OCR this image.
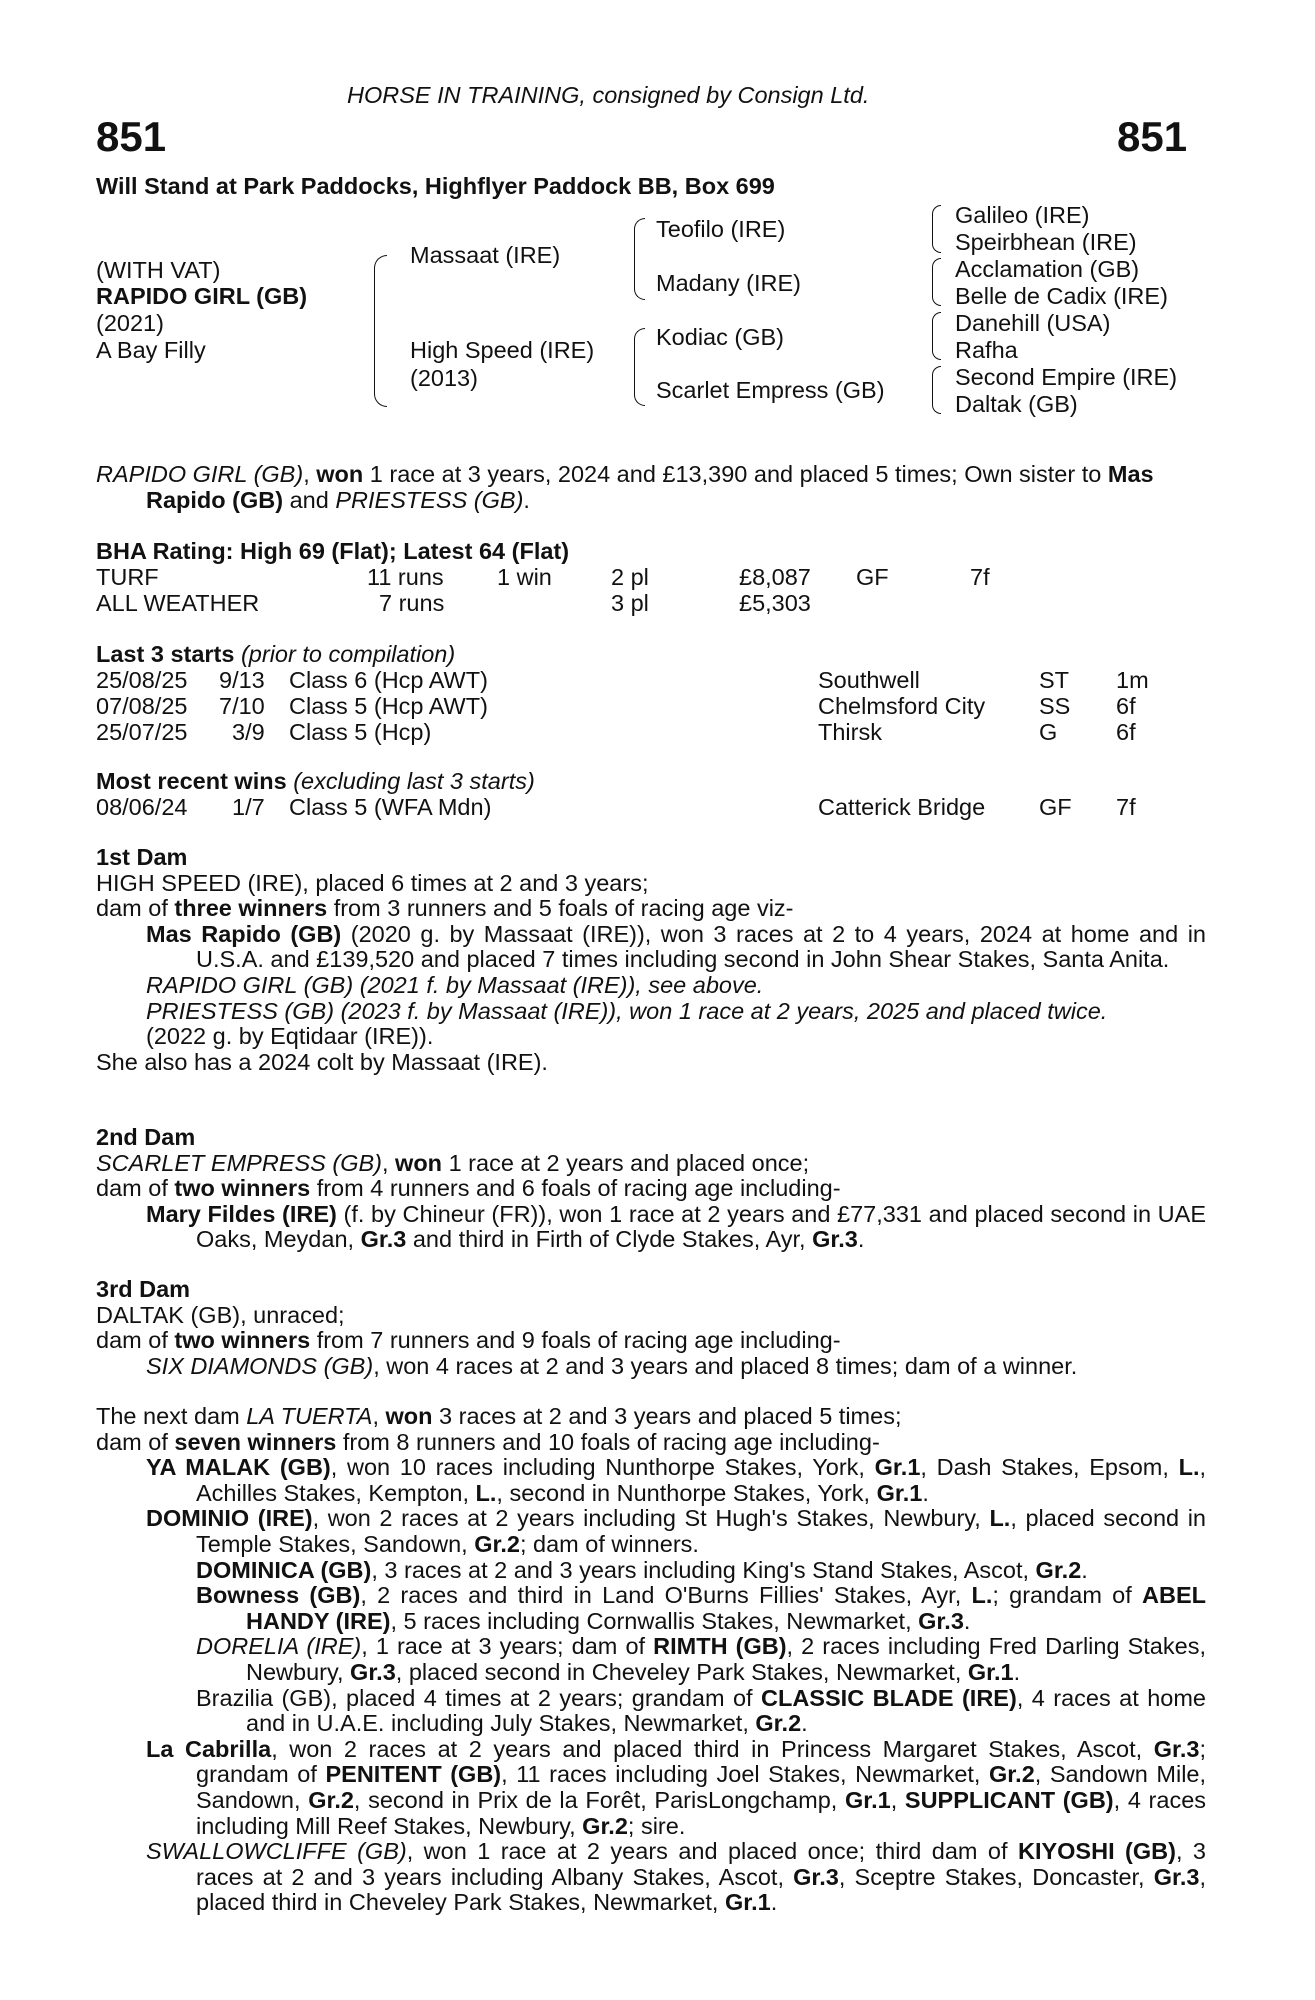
HORSE IN TRAINING, consigned by Consign Ltd.
851	851
Will Stand at Park Paddocks, Highflyer Paddock BB, Box 699
(WITH VAT)
RAPIDO GIRL (GB)
(2021)
A Bay Filly
Massaat (IRE)
High Speed (IRE)
(2013)
Teofilo (IRE)
Madany (IRE)
Kodiac (GB)
Scarlet Empress (GB)
Galileo (IRE)
Speirbhean (IRE)
Acclamation (GB)
Belle de Cadix (IRE)
Danehill (USA)
Rafha
Second Empire (IRE)
Daltak (GB)

RAPIDO GIRL (GB), won 1 race at 3 years, 2024 and £13,390 and placed 5 times; Own sister to Mas Rapido (GB) and PRIESTESS (GB).

BHA Rating: High 69 (Flat); Latest 64 (Flat)
TURF	11 runs 1 win	2 pl	£8,087 GF	7f
ALL WEATHER	7 runs	3 pl	£5,303
Last 3 starts (prior to compilation)
25/08/25 9/13 Class 6 (Hcp AWT)	Southwell	ST 1m
07/08/25 7/10 Class 5 (Hcp AWT)	Chelmsford City SS 6f
25/07/25 3/9 Class 5 (Hcp)	Thirsk	G 6f
Most recent wins (excluding last 3 starts)
08/06/24 1/7 Class 5 (WFA Mdn)	Catterick Bridge GF 7f

1st Dam

HIGH SPEED (IRE), placed 6 times at 2 and 3 years;

dam of three winners from 3 runners and 5 foals of racing age viz-

Mas Rapido (GB) (2020 g. by Massaat (IRE)), won 3 races at 2 to 4 years, 2024 at home and in U.S.A. and £139,520 and placed 7 times including second in John Shear Stakes, Santa Anita.

RAPIDO GIRL (GB) (2021 f. by Massaat (IRE)), see above.

PRIESTESS (GB) (2023 f. by Massaat (IRE)), won 1 race at 2 years, 2025 and placed twice.

(2022 g. by Eqtidaar (IRE)).

She also has a 2024 colt by Massaat (IRE).

2nd Dam

SCARLET EMPRESS (GB), won 1 race at 2 years and placed once;

dam of two winners from 4 runners and 6 foals of racing age including-

Mary Fildes (IRE) (f. by Chineur (FR)), won 1 race at 2 years and £77,331 and placed second in UAE Oaks, Meydan, Gr.3 and third in Firth of Clyde Stakes, Ayr, Gr.3.

3rd Dam

DALTAK (GB), unraced;

dam of two winners from 7 runners and 9 foals of racing age including-

SIX DIAMONDS (GB), won 4 races at 2 and 3 years and placed 8 times; dam of a winner.

The next dam LA TUERTA, won 3 races at 2 and 3 years and placed 5 times;

dam of seven winners from 8 runners and 10 foals of racing age including-

YA MALAK (GB), won 10 races including Nunthorpe Stakes, York, Gr.1, Dash Stakes, Epsom, L., Achilles Stakes, Kempton, L., second in Nunthorpe Stakes, York, Gr.1.

DOMINIO (IRE), won 2 races at 2 years including St Hugh's Stakes, Newbury, L., placed second in Temple Stakes, Sandown, Gr.2; dam of winners.

DOMINICA (GB), 3 races at 2 and 3 years including King's Stand Stakes, Ascot, Gr.2.

Bowness (GB), 2 races and third in Land O'Burns Fillies' Stakes, Ayr, L.; grandam of ABEL HANDY (IRE), 5 races including Cornwallis Stakes, Newmarket, Gr.3.

DORELIA (IRE), 1 race at 3 years; dam of RIMTH (GB), 2 races including Fred Darling Stakes, Newbury, Gr.3, placed second in Cheveley Park Stakes, Newmarket, Gr.1.

Brazilia (GB), placed 4 times at 2 years; grandam of CLASSIC BLADE (IRE), 4 races at home and in U.A.E. including July Stakes, Newmarket, Gr.2.

La Cabrilla, won 2 races at 2 years and placed third in Princess Margaret Stakes, Ascot, Gr.3; grandam of PENITENT (GB), 11 races including Joel Stakes, Newmarket, Gr.2, Sandown Mile, Sandown, Gr.2, second in Prix de la Forêt, ParisLongchamp, Gr.1, SUPPLICANT (GB), 4 races including Mill Reef Stakes, Newbury, Gr.2; sire.

SWALLOWCLIFFE (GB), won 1 race at 2 years and placed once; third dam of KIYOSHI (GB), 3 races at 2 and 3 years including Albany Stakes, Ascot, Gr.3, Sceptre Stakes, Doncaster, Gr.3, placed third in Cheveley Park Stakes, Newmarket, Gr.1.
